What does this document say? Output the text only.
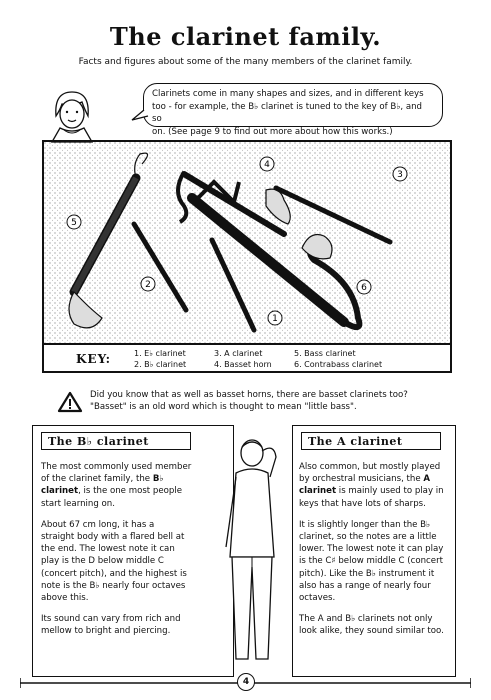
The clarinet family.
Facts and figures about some of the many members of the clarinet family.
Clarinets come in many shapes and sizes, and in different keys
too - for example, the B♭ clarinet is tuned to the key of B♭, and so
on. (See page 9 to find out more about how this works.)
1
2
3
4
5
6
KEY:	1. E♭ clarinet
2. B♭ clarinet
3. A clarinet
4. Basset horn
5. Bass clarinet
6. Contrabass clarinet
Did you know that as well as basset horns, there are basset clarinets too?
"Basset" is an old word which is thought to mean "little bass".
The B♭ clarinet

The most commonly used member
of the clarinet family, the B♭
clarinet, is the one most people
start learning on.

About 67 cm long, it has a
straight body with a flared bell at
the end. The lowest note it can
play is the D below middle C
(concert pitch), and the highest is
note is the B♭ nearly four octaves
above this.

Its sound can vary from rich and
mellow to bright and piercing.

The A clarinet

Also common, but mostly played
by orchestral musicians, the A
clarinet is mainly used to play in
keys that have lots of sharps.

It is slightly longer than the B♭
clarinet, so the notes are a little
lower. The lowest note it can play
is the C♯ below middle C (concert
pitch). Like the B♭ instrument it
also has a range of nearly four
octaves.

The A and B♭ clarinets not only
look alike, they sound similar too.

4
